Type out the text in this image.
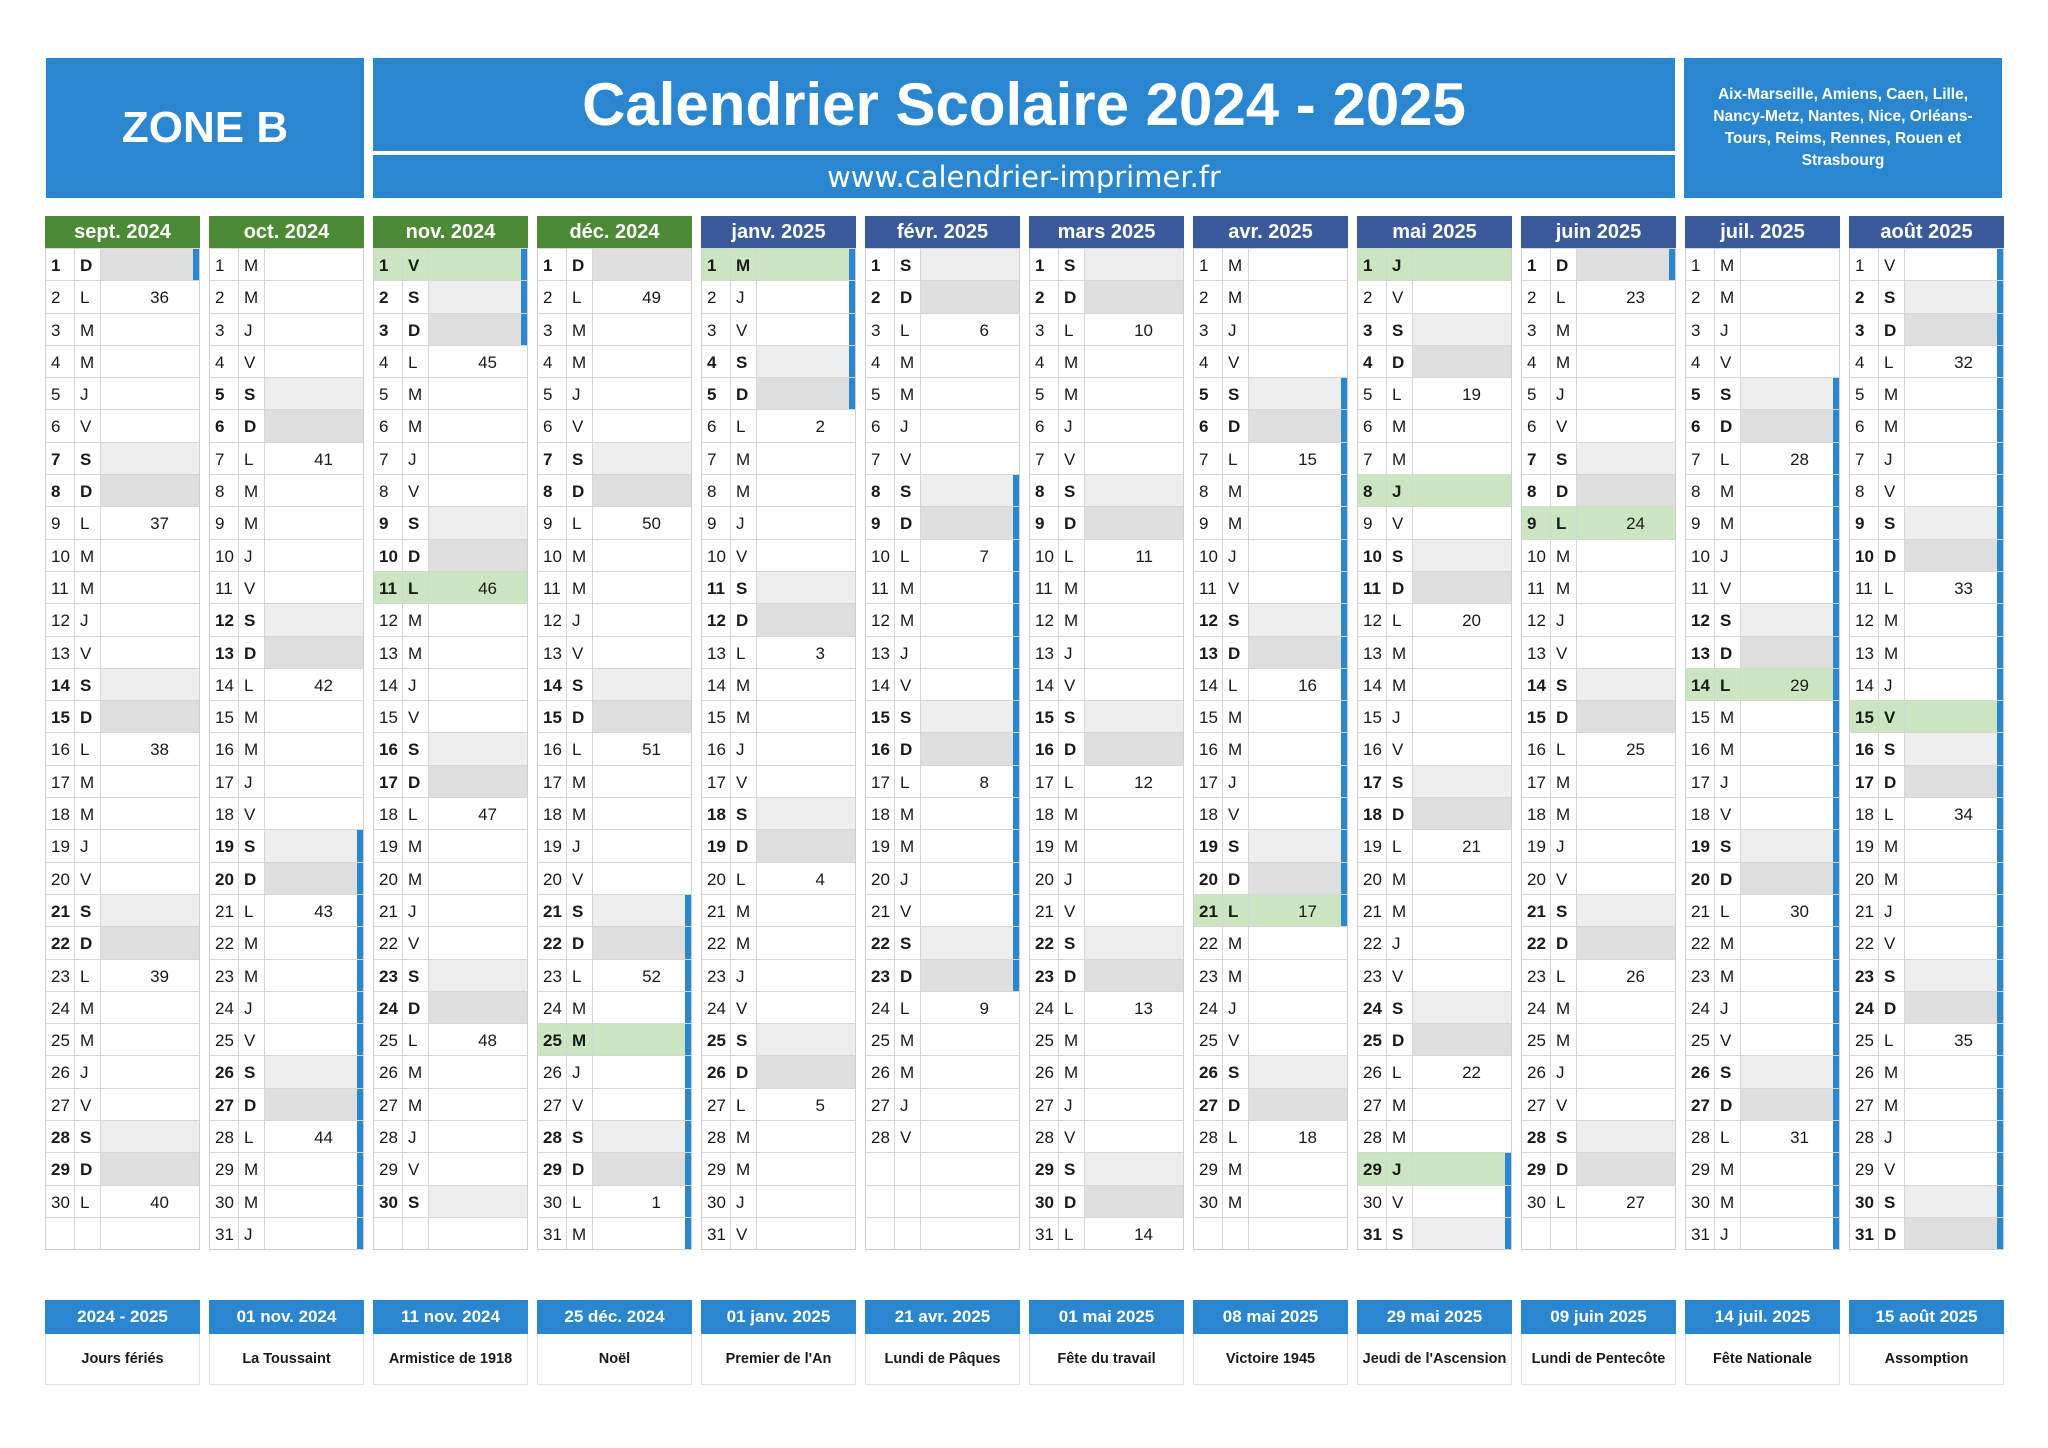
ZONE B	Calendrier Scolaire 2024 - 2025
www.calendrier-imprimer.fr
Aix-Marseille, Amiens, Caen, Lille, Nancy-Metz, Nantes, Nice, Orléans-Tours, Reims, Rennes, Rouen et Strasbourg
sept. 2024
1	D
2	L	36
3	M
4	M
5	J
6	V
7	S
8	D
9	L	37
10 M
11 M
12 J
13 V
14 S
15 D
16 L	38
17 M
18 M
19 J
20 V
21 S
22 D
23 L	39
24 M
25 M
26 J
27 V
28 S
29 D
30 L	40
oct. 2024
1	M
2	M
3	J
4	V
5	S
6	D
7	L	41
8	M
9	M
10 J
11 V
12 S
13 D
14 L	42
15 M
16 M
17 J
18 V
19 S
20 D
21 L	43
22 M
23 M
24 J
25 V
26 S
27 D
28 L	44
29 M
30 M
31 J
nov. 2024
1	V
2	S
3	D
4	L	45
5	M
6	M
7	J
8	V
9	S
10 D
11 L	46
12 M
13 M
14 J
15 V
16 S
17 D
18 L	47
19 M
20 M
21 J
22 V
23 S
24 D
25 L	48
26 M
27 M
28 J
29 V
30 S
déc. 2024
1	D
2	L	49
3	M
4	M
5	J
6	V
7	S
8	D
9	L	50
10 M
11 M
12 J
13 V
14 S
15 D
16 L	51
17 M
18 M
19 J
20 V
21 S
22 D
23 L	52
24 M
25 M
26 J
27 V
28 S
29 D
30 L	1
31 M
janv. 2025
1	M
2	J
3	V
4	S
5	D
6	L	2
7	M
8	M
9	J
10 V
11 S
12 D
13 L	3
14 M
15 M
16 J
17 V
18 S
19 D
20 L	4
21 M
22 M
23 J
24 V
25 S
26 D
27 L	5
28 M
29 M
30 J
31 V
févr. 2025
1	S
2	D
3	L	6
4	M
5	M
6	J
7	V
8	S
9	D
10 L	7
11 M
12 M
13 J
14 V
15 S
16 D
17 L	8
18 M
19 M
20 J
21 V
22 S
23 D
24 L	9
25 M
26 M
27 J
28 V
mars 2025
1	S
2	D
3	L	10
4	M
5	M
6	J
7	V
8	S
9	D
10 L	11
11 M
12 M
13 J
14 V
15 S
16 D
17 L	12
18 M
19 M
20 J
21 V
22 S
23 D
24 L	13
25 M
26 M
27 J
28 V
29 S
30 D
31 L	14
avr. 2025
1	M
2	M
3	J
4	V
5	S
6	D
7	L	15
8	M
9	M
10 J
11 V
12 S
13 D
14 L	16
15 M
16 M
17 J
18 V
19 S
20 D
21 L	17
22 M
23 M
24 J
25 V
26 S
27 D
28 L	18
29 M
30 M
mai 2025
1	J
2	V
3	S
4	D
5	L	19
6	M
7	M
8	J
9	V
10 S
11 D
12 L	20
13 M
14 M
15 J
16 V
17 S
18 D
19 L	21
20 M
21 M
22 J
23 V
24 S
25 D
26 L	22
27 M
28 M
29 J
30 V
31 S
juin 2025
1	D
2	L	23
3	M
4	M
5	J
6	V
7	S
8	D
9	L	24
10 M
11 M
12 J
13 V
14 S
15 D
16 L	25
17 M
18 M
19 J
20 V
21 S
22 D
23 L	26
24 M
25 M
26 J
27 V
28 S
29 D
30 L	27
juil. 2025
1	M
2	M
3	J
4	V
5	S
6	D
7	L	28
8	M
9	M
10 J
11 V
12 S
13 D
14 L	29
15 M
16 M
17 J
18 V
19 S
20 D
21 L	30
22 M
23 M
24 J
25 V
26 S
27 D
28 L	31
29 M
30 M
31 J
août 2025
1	V
2	S
3	D
4	L	32
5	M
6	M
7	J
8	V
9	S
10 D
11 L	33
12 M
13 M
14 J
15 V
16 S
17 D
18 L	34
19 M
20 M
21 J
22 V
23 S
24 D
25 L	35
26 M
27 M
28 J
29 V
30 S
31 D
2024 - 2025
Jours fériés
01 nov. 2024
La Toussaint
11 nov. 2024
Armistice de 1918
25 déc. 2024
Noël
01 janv. 2025
Premier de l'An
21 avr. 2025
Lundi de Pâques
01 mai 2025
Fête du travail
08 mai 2025
Victoire 1945
29 mai 2025
Jeudi de l'Ascension
09 juin 2025
Lundi de Pentecôte
14 juil. 2025
Fête Nationale
15 août 2025
Assomption
